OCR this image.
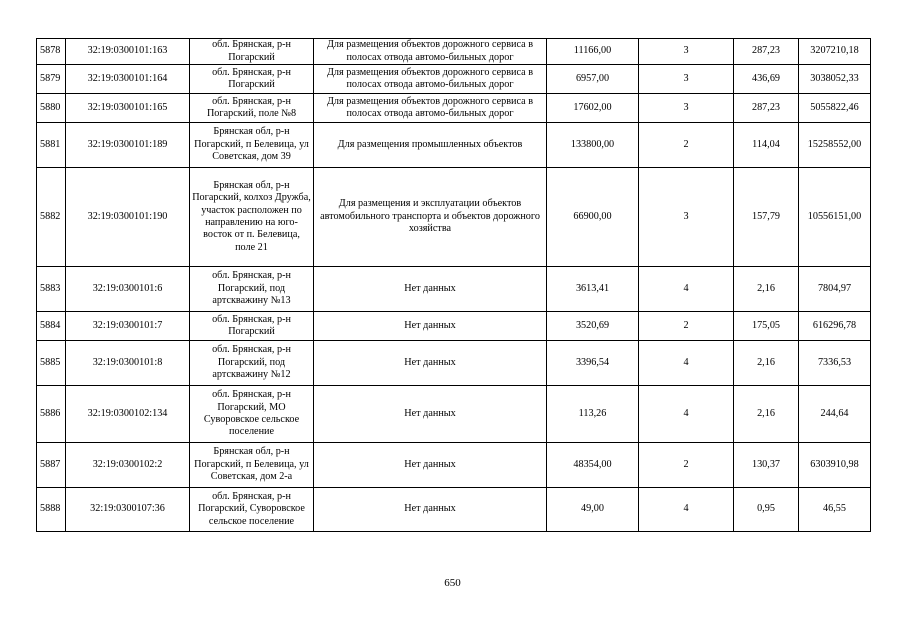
5878	32:19:0300101:163	обл. Брянская, р-н Погарский	Для размещения объектов дорожного сервиса в полосах отвода автомо-бильных дорог	11166,00	3	287,23	3207210,18
5879	32:19:0300101:164	обл. Брянская, р-н Погарский	Для размещения объектов дорожного сервиса в полосах отвода автомо-бильных дорог	6957,00	3	436,69	3038052,33
5880	32:19:0300101:165	обл. Брянская, р-н Погарский, поле №8	Для размещения объектов дорожного сервиса в полосах отвода автомо-бильных дорог	17602,00	3	287,23	5055822,46
5881	32:19:0300101:189	Брянская обл, р-н Погарский, п Белевица, ул Советская, дом 39	Для размещения промышленных объектов	133800,00	2	114,04	15258552,00
5882	32:19:0300101:190	Брянская обл, р-н Погарский, колхоз Дружба, участок расположен по направлению на юго-восток от п. Белевица, поле 21	Для размещения и эксплуатации объектов автомобильного транспорта и объектов дорожного хозяйства	66900,00	3	157,79	10556151,00
5883	32:19:0300101:6	обл. Брянская, р-н Погарский, под артскважину №13	Нет данных	3613,41	4	2,16	7804,97
5884	32:19:0300101:7	обл. Брянская, р-н Погарский	Нет данных	3520,69	2	175,05	616296,78
5885	32:19:0300101:8	обл. Брянская, р-н Погарский, под артскважину №12	Нет данных	3396,54	4	2,16	7336,53
5886	32:19:0300102:134	обл. Брянская, р-н Погарский, МО Суворовское сельское поселение	Нет данных	113,26	4	2,16	244,64
5887	32:19:0300102:2	Брянская обл, р-н Погарский, п Белевица, ул Советская, дом 2-а	Нет данных	48354,00	2	130,37	6303910,98
5888	32:19:0300107:36	обл. Брянская, р-н Погарский, Суворовское сельское поселение	Нет данных	49,00	4	0,95	46,55
650
